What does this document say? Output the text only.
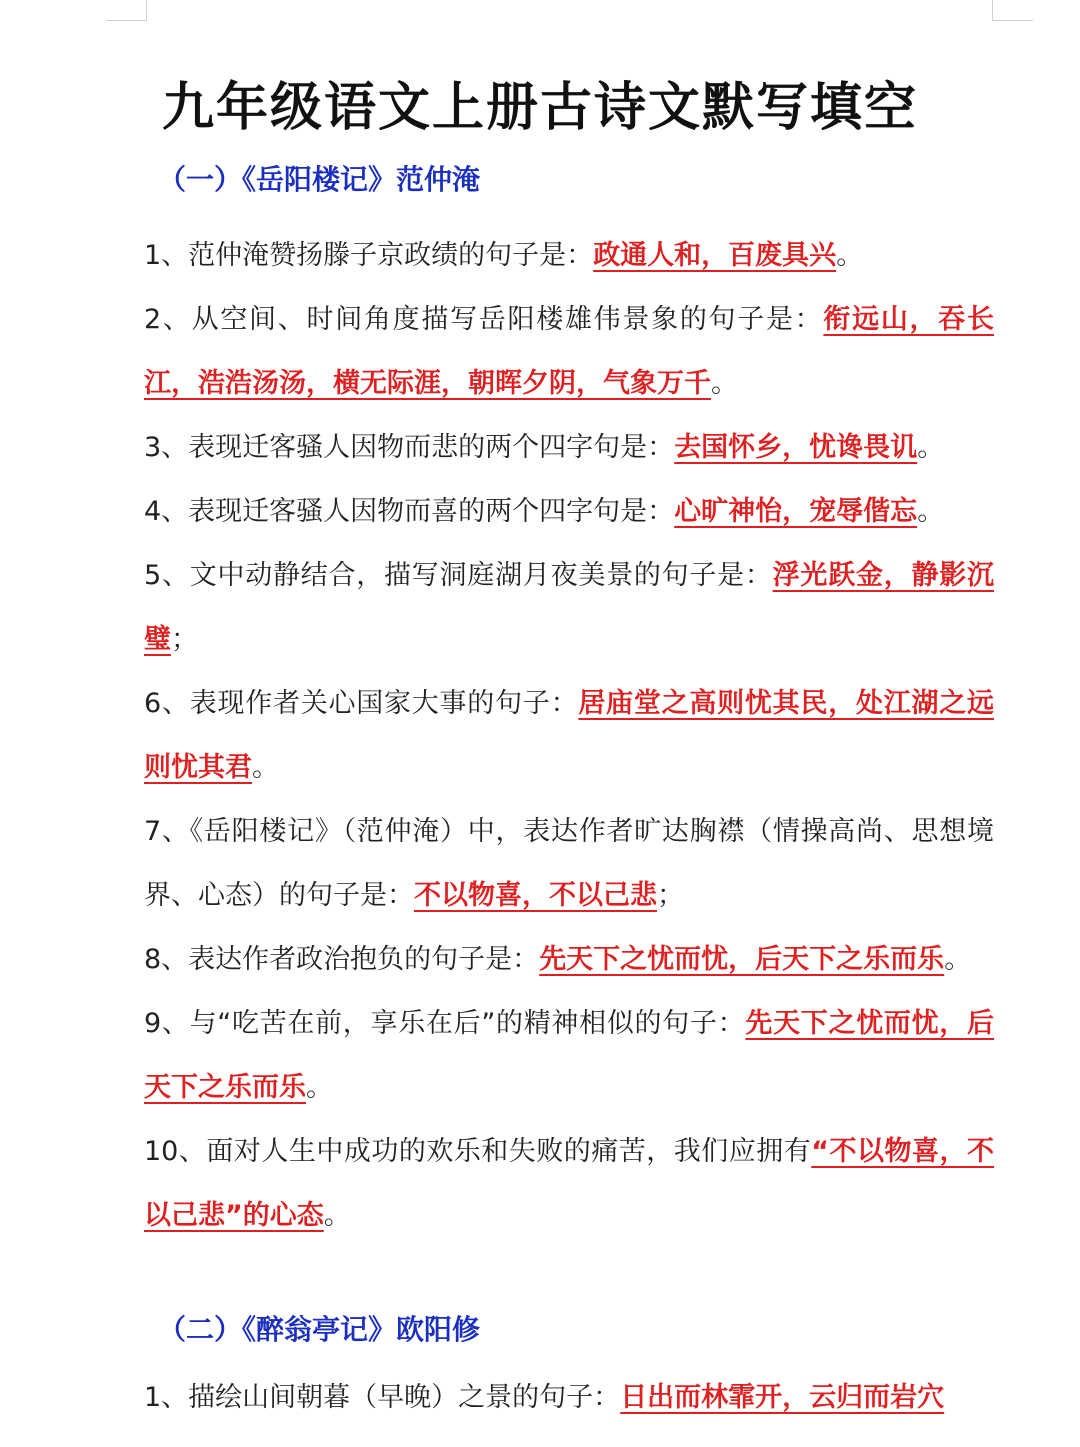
九年级语文上册古诗文默写填空
（一）《岳阳楼记》范仲淹

1、范仲淹赞扬滕子京政绩的句子是：政通人和，百废具兴。

2、从空间、时间角度描写岳阳楼雄伟景象的句子是：衔远山，吞长江，浩浩汤汤，横无际涯，朝晖夕阴，气象万千。

3、表现迁客骚人因物而悲的两个四字句是：去国怀乡，忧谗畏讥。

4、表现迁客骚人因物而喜的两个四字句是：心旷神怡，宠辱偕忘。

5、文中动静结合，描写洞庭湖月夜美景的句子是：浮光跃金，静影沉璧；

6、表现作者关心国家大事的句子：居庙堂之高则忧其民，处江湖之远则忧其君。

7、《岳阳楼记》（范仲淹）中，表达作者旷达胸襟（情操高尚、思想境界、心态）的句子是：不以物喜，不以己悲；

8、表达作者政治抱负的句子是：先天下之忧而忧，后天下之乐而乐。

9、与“吃苦在前，享乐在后”的精神相似的句子：先天下之忧而忧，后天下之乐而乐。

10、面对人生中成功的欢乐和失败的痛苦，我们应拥有“不以物喜，不以己悲”的心态。

（二）《醉翁亭记》欧阳修

1、描绘山间朝暮（早晚）之景的句子：日出而林霏开，云归而岩穴
